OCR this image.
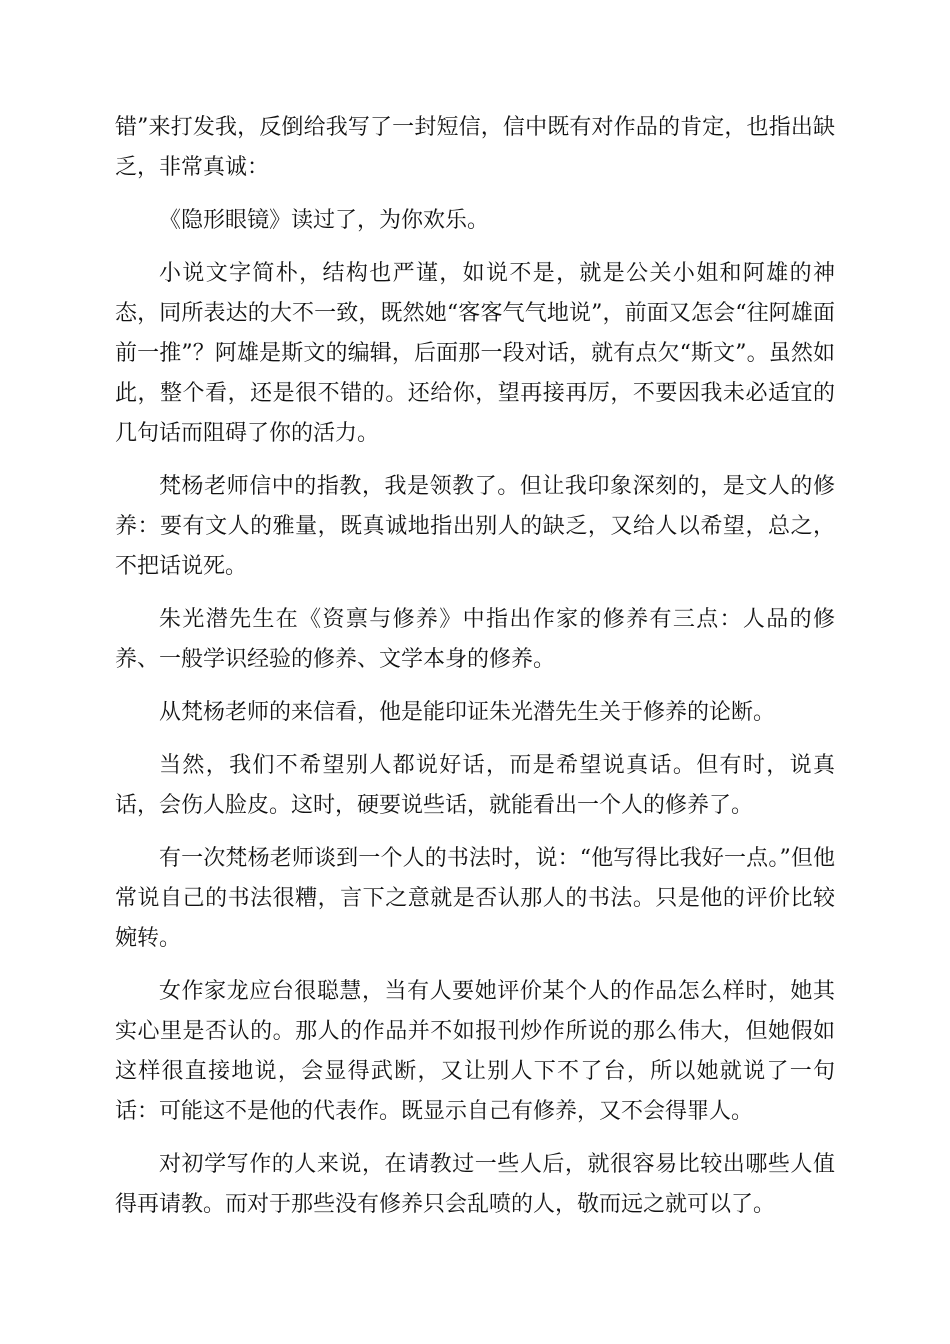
错”来打发我，反倒给我写了一封短信，信中既有对作品的肯定，也指出缺乏，非常真诚：

《隐形眼镜》读过了，为你欢乐。

小说文字简朴，结构也严谨，如说不是，就是公关小姐和阿雄的神态，同所表达的大不一致，既然她“客客气气地说”，前面又怎会“往阿雄面前一推”？阿雄是斯文的编辑，后面那一段对话，就有点欠“斯文”。虽然如此，整个看，还是很不错的。还给你，望再接再厉，不要因我未必适宜的几句话而阻碍了你的活力。

梵杨老师信中的指教，我是领教了。但让我印象深刻的，是文人的修养：要有文人的雅量，既真诚地指出别人的缺乏，又给人以希望，总之，不把话说死。

朱光潜先生在《资禀与修养》中指出作家的修养有三点：人品的修养、一般学识经验的修养、文学本身的修养。

从梵杨老师的来信看，他是能印证朱光潜先生关于修养的论断。

当然，我们不希望别人都说好话，而是希望说真话。但有时，说真话，会伤人脸皮。这时，硬要说些话，就能看出一个人的修养了。

有一次梵杨老师谈到一个人的书法时，说：“他写得比我好一点。”但他常说自己的书法很糟，言下之意就是否认那人的书法。只是他的评价比较婉转。

女作家龙应台很聪慧，当有人要她评价某个人的作品怎么样时，她其实心里是否认的。那人的作品并不如报刊炒作所说的那么伟大，但她假如这样很直接地说，会显得武断，又让别人下不了台，所以她就说了一句话：可能这不是他的代表作。既显示自己有修养，又不会得罪人。

对初学写作的人来说，在请教过一些人后，就很容易比较出哪些人值得再请教。而对于那些没有修养只会乱喷的人，敬而远之就可以了。
